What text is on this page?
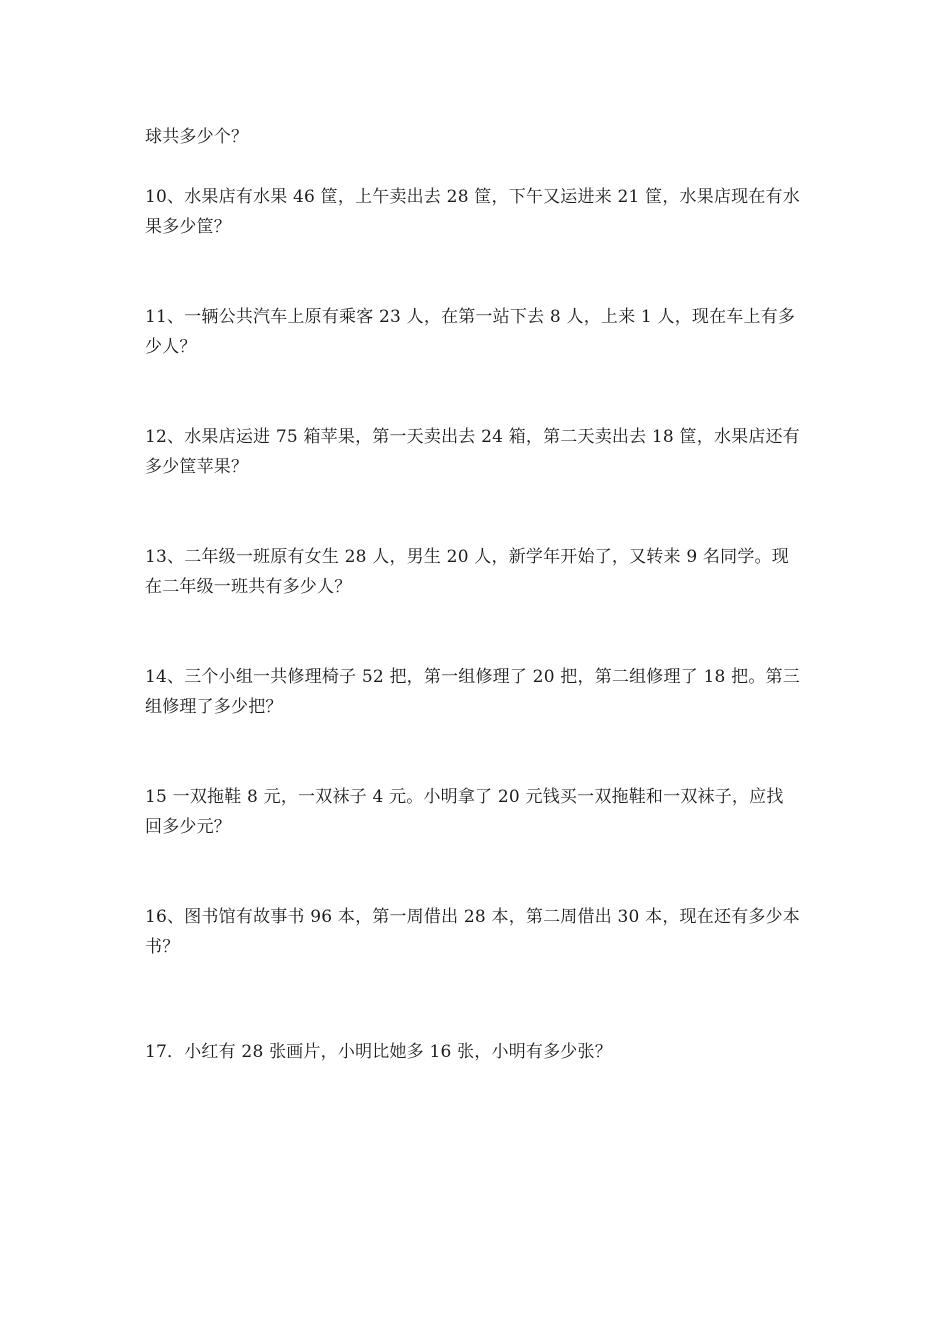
球共多少个？
10、水果店有水果 46 筐，上午卖出去 28 筐，下午又运进来 21 筐，水果店现在有水
果多少筐？
11、一辆公共汽车上原有乘客 23 人，在第一站下去 8 人，上来 1 人，现在车上有多
少人？
12、水果店运进 75 箱苹果，第一天卖出去 24 箱，第二天卖出去 18 筐，水果店还有
多少筐苹果？
13、二年级一班原有女生 28 人，男生 20 人，新学年开始了，又转来 9 名同学。现
在二年级一班共有多少人？
14、三个小组一共修理椅子 52 把，第一组修理了 20 把，第二组修理了 18 把。第三
组修理了多少把？
15 一双拖鞋 8 元，一双袜子 4 元。小明拿了 20 元钱买一双拖鞋和一双袜子，应找
回多少元？
16、图书馆有故事书 96 本，第一周借出 28 本，第二周借出 30 本，现在还有多少本
书？
17．小红有 28 张画片，小明比她多 16 张，小明有多少张？
